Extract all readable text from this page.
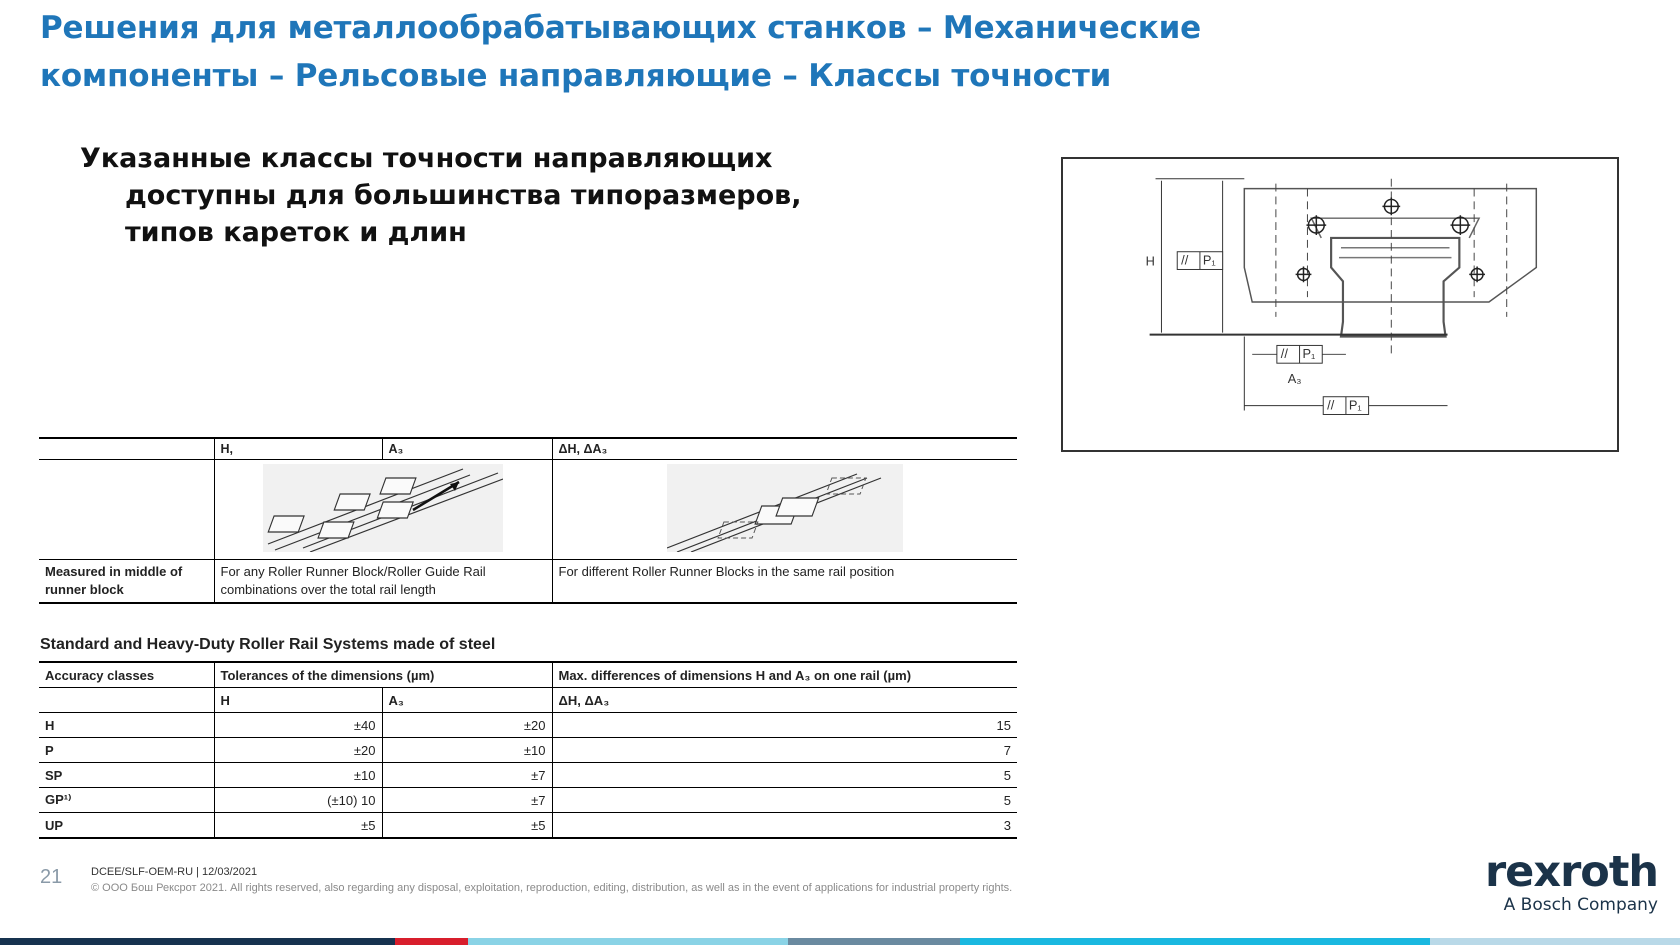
Решения для металлообрабатывающих станков – Механические
компоненты – Рельсовые направляющие – Классы точности

Указанные классы точности направляющих доступны для большинства типоразмеров, типов кареток и длин

// P₁
H
// P₁
A₃
// P₁
	H,	A₃	ΔH, ΔA₃

Measured in middle of runner block	For any Roller Runner Block/Roller Guide Rail combinations over the total rail length		For different Roller Runner Blocks in the same rail position

Standard and Heavy-Duty Roller Rail Systems made of steel

Accuracy classes	Tolerances of the dimensions (µm)		Max. differences of dimensions H and A₃ on one rail (µm)
	H	A₃	ΔH, ΔA₃
H	±40	±20	15
P	±20	±10	7
SP	±10	±7	5
GP¹⁾	(±10) 10	±7	5
UP	±5	±5	3
21	DCEE/SLF-OEM-RU | 12/03/2021
© ООО Бош Рексрот 2021. All rights reserved, also regarding any disposal, exploitation, reproduction, editing, distribution, as well as in the event of applications for industrial property rights.	rexroth
A Bosch Company
